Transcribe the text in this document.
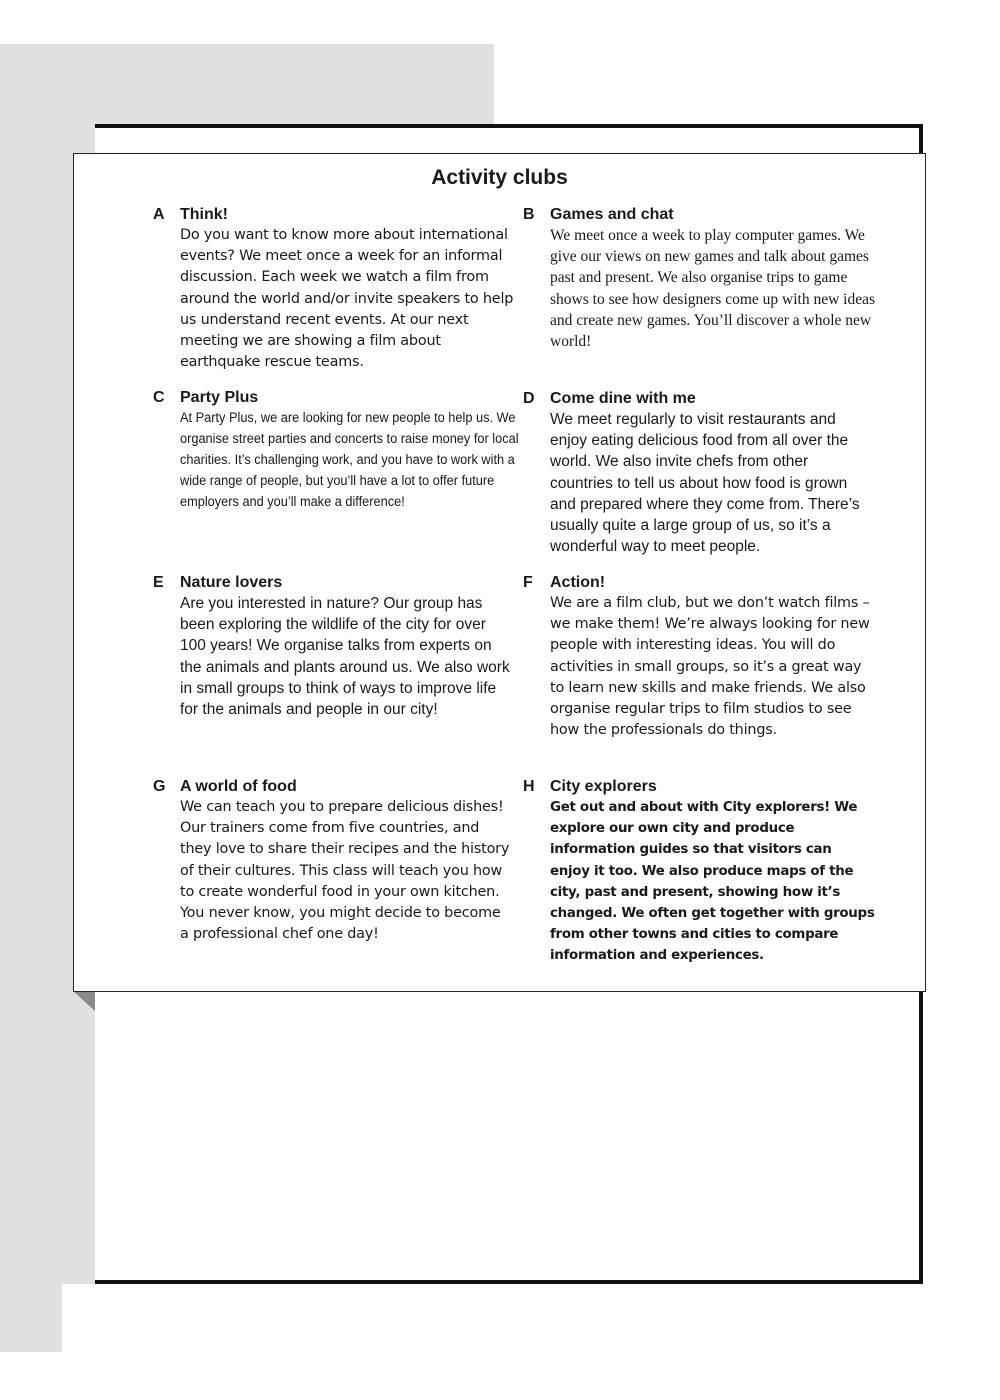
Activity clubs
A Think!

Do you want to know more about international events? We meet once a week for an informal discussion. Each week we watch a film from around the world and/or invite speakers to help us understand recent events. At our next meeting we are showing a film about earthquake rescue teams.

B Games and chat

We meet once a week to play computer games. We give our views on new games and talk about games past and present. We also organise trips to game shows to see how designers come up with new ideas and create new games. You’ll discover a whole new world!

C Party Plus

At Party Plus, we are looking for new people to help us. We organise street parties and concerts to raise money for local charities. It’s challenging work, and you have to work with a wide range of people, but you’ll have a lot to offer future employers and you’ll make a difference!

D Come dine with me

We meet regularly to visit restaurants and enjoy eating delicious food from all over the world. We also invite chefs from other countries to tell us about how food is grown and prepared where they come from. There’s usually quite a large group of us, so it’s a wonderful way to meet people.

E	Nature lovers

Are you interested in nature? Our group has been exploring the wildlife of the city for over 100 years! We organise talks from experts on the animals and plants around us. We also work in small groups to think of ways to improve life for the animals and people in our city!

F	Action!

We are a film club, but we don’t watch films – we make them! We’re always looking for new people with interesting ideas. You will do activities in small groups, so it’s a great way to learn new skills and make friends. We also organise regular trips to film studios to see how the professionals do things.

G A world of food

We can teach you to prepare delicious dishes! Our trainers come from five countries, and they love to share their recipes and the history of their cultures. This class will teach you how to create wonderful food in your own kitchen. You never know, you might decide to become a professional chef one day!

H City explorers

Get out and about with City explorers! We explore our own city and produce information guides so that visitors can enjoy it too. We also produce maps of the city, past and present, showing how it’s changed. We often get together with groups from other towns and cities to compare information and experiences.
